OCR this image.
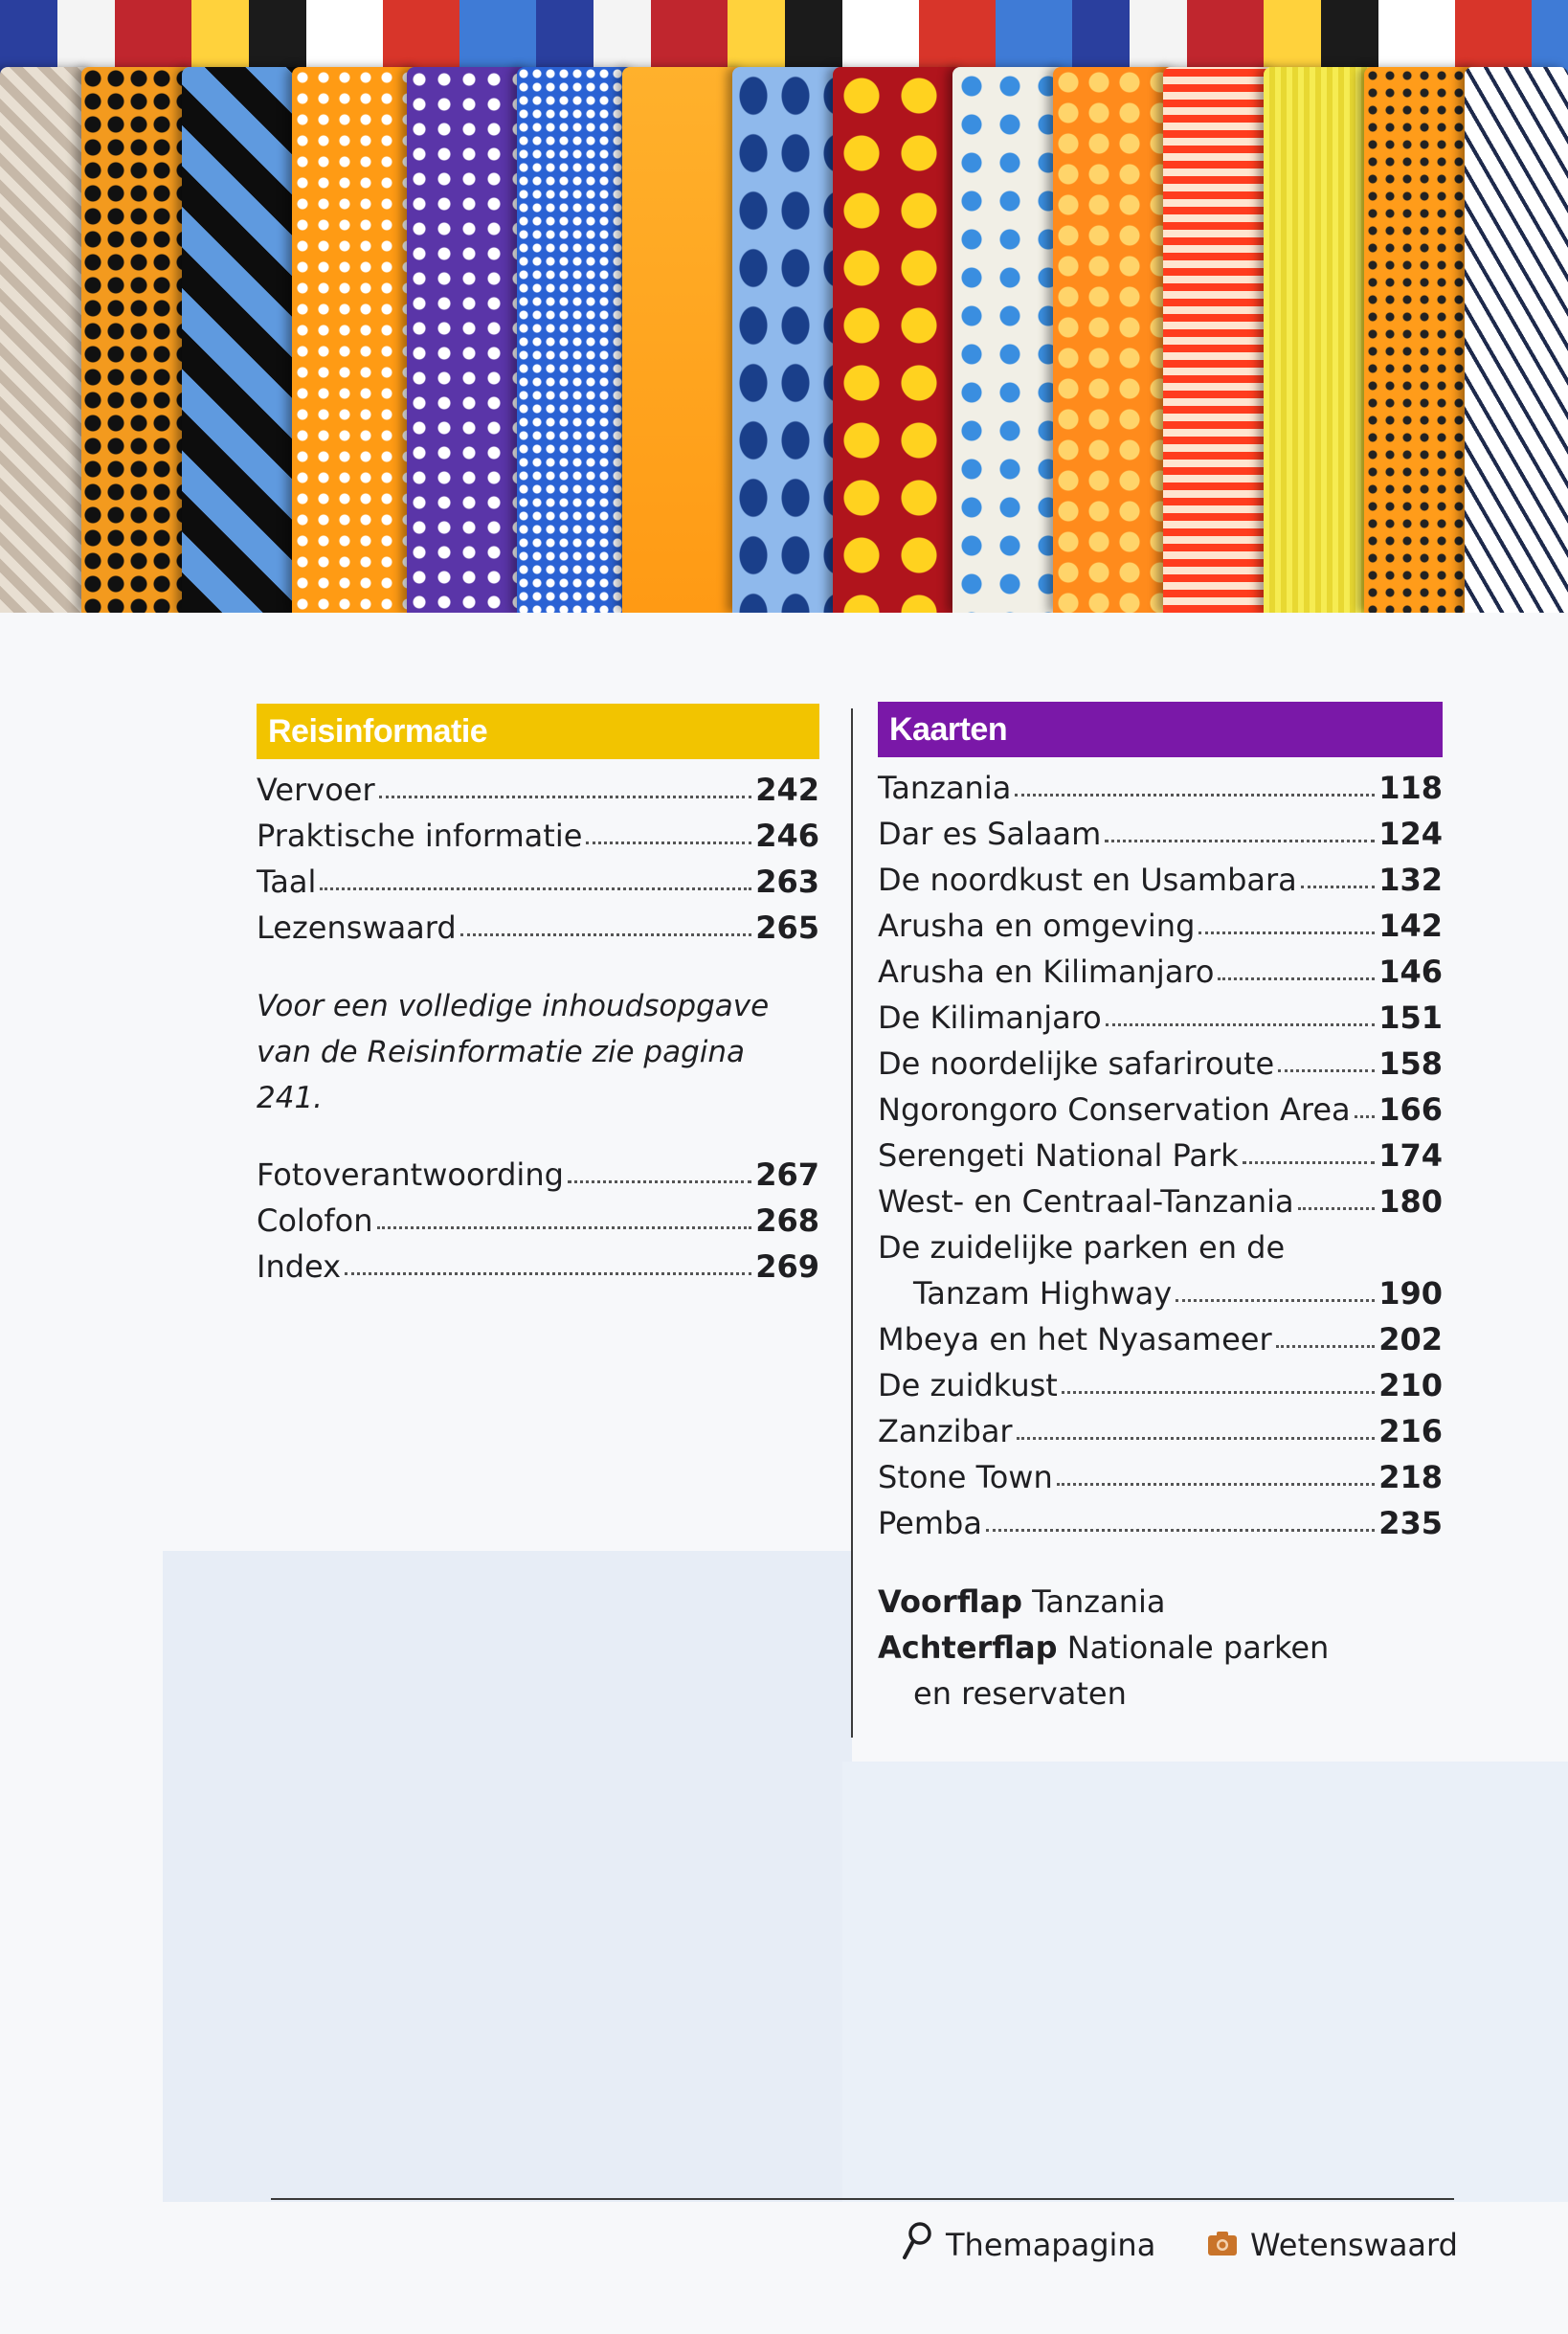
Reisinformatie
Vervoer	242
Praktische informatie	246
Taal	263
Lezenswaard	265
Voor een volledige inhoudsopgave
van de Reisinformatie zie pagina 241.
Fotoverantwoording	267
Colofon	268
Index	269
Kaarten
Tanzania	118
Dar es Salaam	124
De noordkust en Usambara	132
Arusha en omgeving	142
Arusha en Kilimanjaro	146
De Kilimanjaro	151
De noordelijke safariroute	158
Ngorongoro Conservation Area 166
Serengeti National Park	174
West- en Centraal-Tanzania	180
De zuidelijke parken en de
Tanzam Highway	190
Mbeya en het Nyasameer	202
De zuidkust	210
Zanzibar	216
Stone Town	218
Pemba	235
Voorflap Tanzania
Achterflap Nationale parken
en reservaten
Themapagina	Wetenswaard
